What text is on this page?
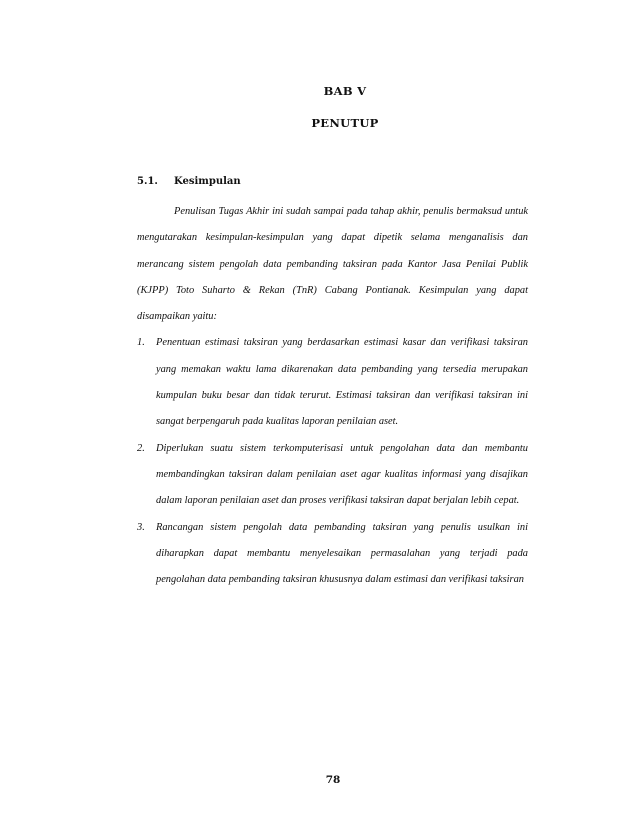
BAB V
PENUTUP
5.1. Kesimpulan

Penulisan Tugas Akhir ini sudah sampai pada tahap akhir, penulis bermaksud untuk mengutarakan kesimpulan-kesimpulan yang dapat dipetik selama menganalisis dan merancang sistem pengolah data pembanding taksiran pada Kantor Jasa Penilai Publik (KJPP) Toto Suharto & Rekan (TnR) Cabang Pontianak. Kesimpulan yang dapat disampaikan yaitu:

1. Penentuan estimasi taksiran yang berdasarkan estimasi kasar dan verifikasi taksiran yang memakan waktu lama dikarenakan data pembanding yang tersedia merupakan kumpulan buku besar dan tidak terurut. Estimasi taksiran dan verifikasi taksiran ini sangat berpengaruh pada kualitas laporan penilaian aset.
2. Diperlukan suatu sistem terkomputerisasi untuk pengolahan data dan membantu membandingkan taksiran dalam penilaian aset agar kualitas informasi yang disajikan dalam laporan penilaian aset dan proses verifikasi taksiran dapat berjalan lebih cepat.
3. Rancangan sistem pengolah data pembanding taksiran yang penulis usulkan ini diharapkan dapat membantu menyelesaikan permasalahan yang terjadi pada pengolahan data pembanding taksiran khususnya dalam estimasi dan verifikasi taksiran
78
